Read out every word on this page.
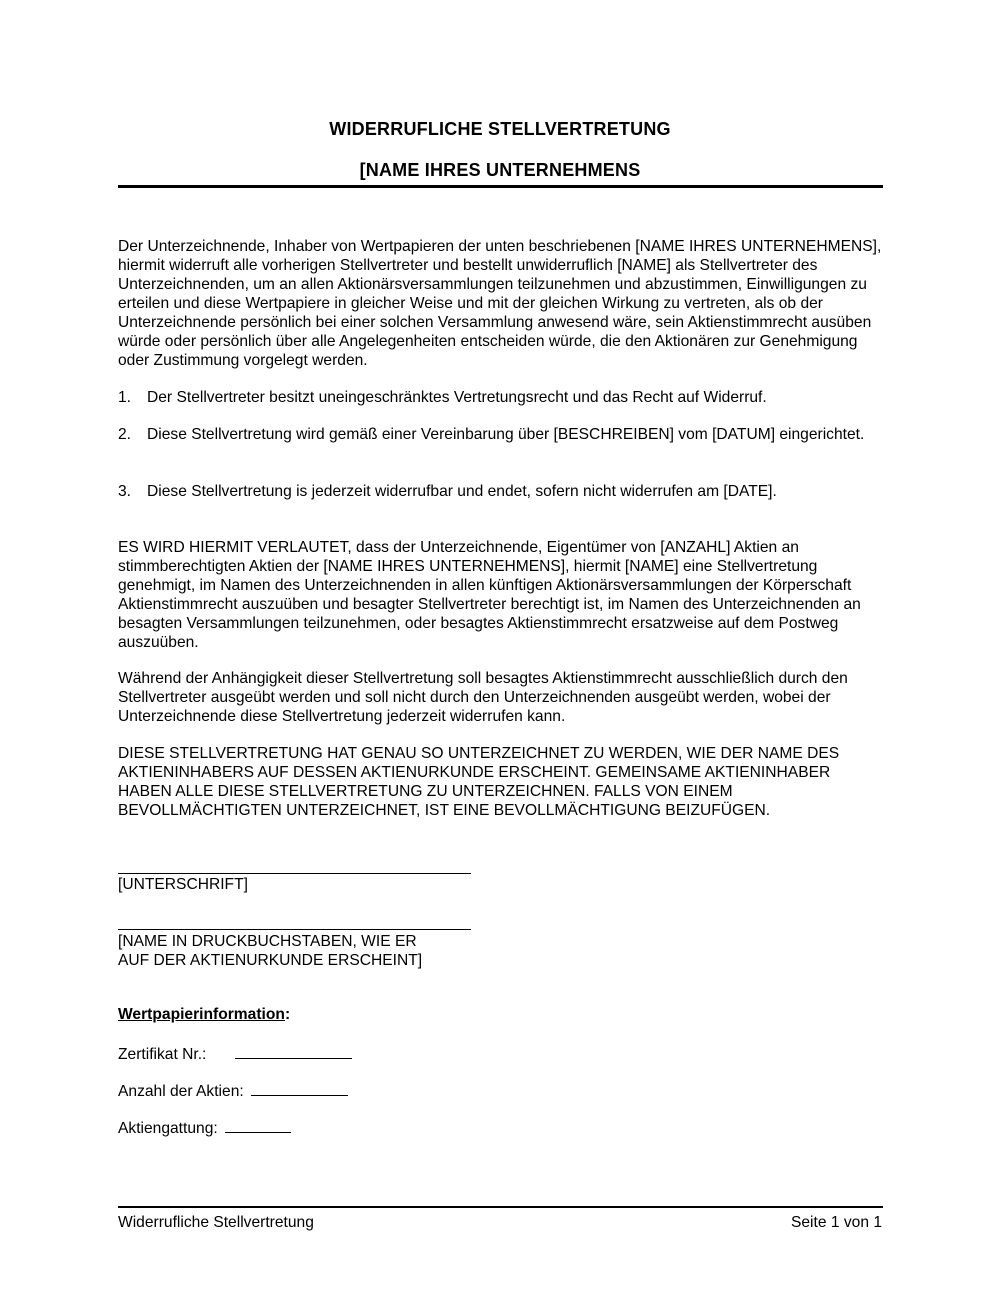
WIDERRUFLICHE STELLVERTRETUNG
[NAME IHRES UNTERNEHMENS

Der Unterzeichnende, Inhaber von Wertpapieren der unten beschriebenen [NAME IHRES UNTERNEHMENS], hiermit widerruft alle vorherigen Stellvertreter und bestellt unwiderruflich [NAME] als Stellvertreter des Unterzeichnenden, um an allen Aktionärsversammlungen teilzunehmen und abzustimmen, Einwilligungen zu erteilen und diese Wertpapiere in gleicher Weise und mit der gleichen Wirkung zu vertreten, als ob der Unterzeichnende persönlich bei einer solchen Versammlung anwesend wäre, sein Aktienstimmrecht ausüben würde oder persönlich über alle Angelegenheiten entscheiden würde, die den Aktionären zur Genehmigung oder Zustimmung vorgelegt werden.

1.	Der Stellvertreter besitzt uneingeschränktes Vertretungsrecht und das Recht auf Widerruf.
2.	Diese Stellvertretung wird gemäß einer Vereinbarung über [BESCHREIBEN] vom [DATUM] eingerichtet.
3.	Diese Stellvertretung is jederzeit widerrufbar und endet, sofern nicht widerrufen am [DATE].

ES WIRD HIERMIT VERLAUTET, dass der Unterzeichnende, Eigentümer von [ANZAHL] Aktien an stimmberechtigten Aktien der [NAME IHRES UNTERNEHMENS], hiermit [NAME] eine Stellvertretung genehmigt, im Namen des Unterzeichnenden in allen künftigen Aktionärsversammlungen der Körperschaft Aktienstimmrecht auszuüben und besagter Stellvertreter berechtigt ist, im Namen des Unterzeichnenden an besagten Versammlungen teilzunehmen, oder besagtes Aktienstimmrecht ersatzweise auf dem Postweg auszuüben.

Während der Anhängigkeit dieser Stellvertretung soll besagtes Aktienstimmrecht ausschließlich durch den Stellvertreter ausgeübt werden und soll nicht durch den Unterzeichnenden ausgeübt werden, wobei der Unterzeichnende diese Stellvertretung jederzeit widerrufen kann.

DIESE STELLVERTRETUNG HAT GENAU SO UNTERZEICHNET ZU WERDEN, WIE DER NAME DES AKTIENINHABERS AUF DESSEN AKTIENURKUNDE ERSCHEINT. GEMEINSAME AKTIENINHABER HABEN ALLE DIESE STELLVERTRETUNG ZU UNTERZEICHNEN. FALLS VON EINEM BEVOLLMÄCHTIGTEN UNTERZEICHNET, IST EINE BEVOLLMÄCHTIGUNG BEIZUFÜGEN.

[UNTERSCHRIFT]
[NAME IN DRUCKBUCHSTABEN, WIE ER
AUF DER AKTIENURKUNDE ERSCHEINT]
Wertpapierinformation:
Zertifikat Nr.:
Anzahl der Aktien:
Aktiengattung:
Widerrufliche Stellvertretung	Seite 1 von 1
